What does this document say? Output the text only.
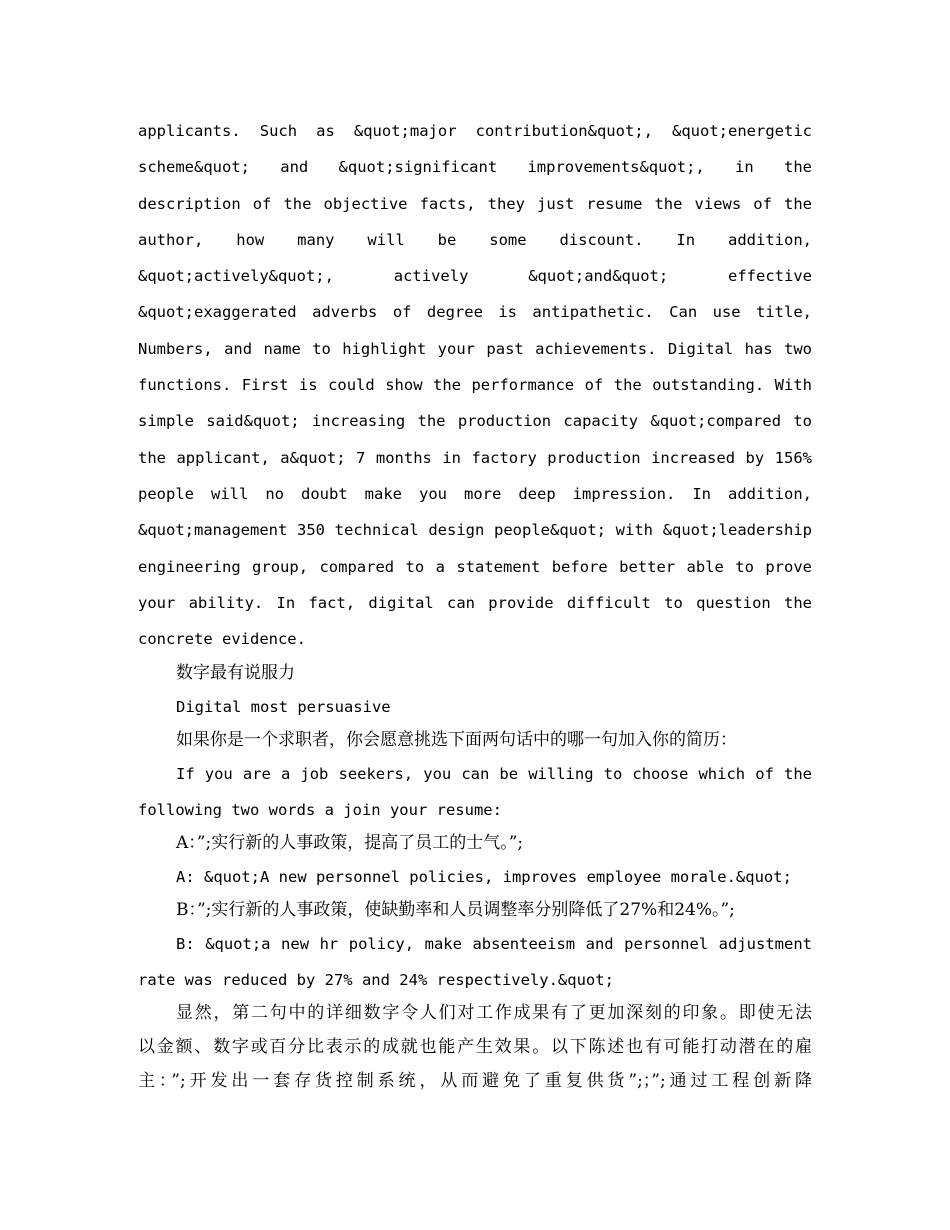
applicants. Such as &quot;major contribution&quot;, &quot;energetic
scheme&quot; and &quot;significant improvements&quot;, in the
description of the objective facts, they just resume the views of the
author, how many will be some discount. In addition,
&quot;actively&quot;, actively &quot;and&quot; effective
&quot;exaggerated adverbs of degree is antipathetic. Can use title,
Numbers, and name to highlight your past achievements. Digital has two
functions. First is could show the performance of the outstanding. With
simple said&quot; increasing the production capacity &quot;compared to
the applicant, a&quot; 7 months in factory production increased by 156%
people will no doubt make you more deep impression. In addition,
&quot;management 350 technical design people&quot; with &quot;leadership
engineering group, compared to a statement before better able to prove
your ability. In fact, digital can provide difficult to question the
concrete evidence.
数字最有说服力
Digital most persuasive
如果你是一个求职者，你会愿意挑选下面两句话中的哪一句加入你的简历：
If you are a job seekers, you can be willing to choose which of the
following two words a join your resume:
A：”;实行新的人事政策，提高了员工的士气。”;
A: &quot;A new personnel policies, improves employee morale.&quot;
B：”;实行新的人事政策，使缺勤率和人员调整率分别降低了27%和24%。”;
B: &quot;a new hr policy, make absenteeism and personnel adjustment
rate was reduced by 27% and 24% respectively.&quot;
显然，第二句中的详细数字令人们对工作成果有了更加深刻的印象。即使无法
以金额、数字或百分比表示的成就也能产生效果。以下陈述也有可能打动潜在的雇
主：”;开发出一套存货控制系统，从而避免了重复供货”;；”;通过工程创新降
